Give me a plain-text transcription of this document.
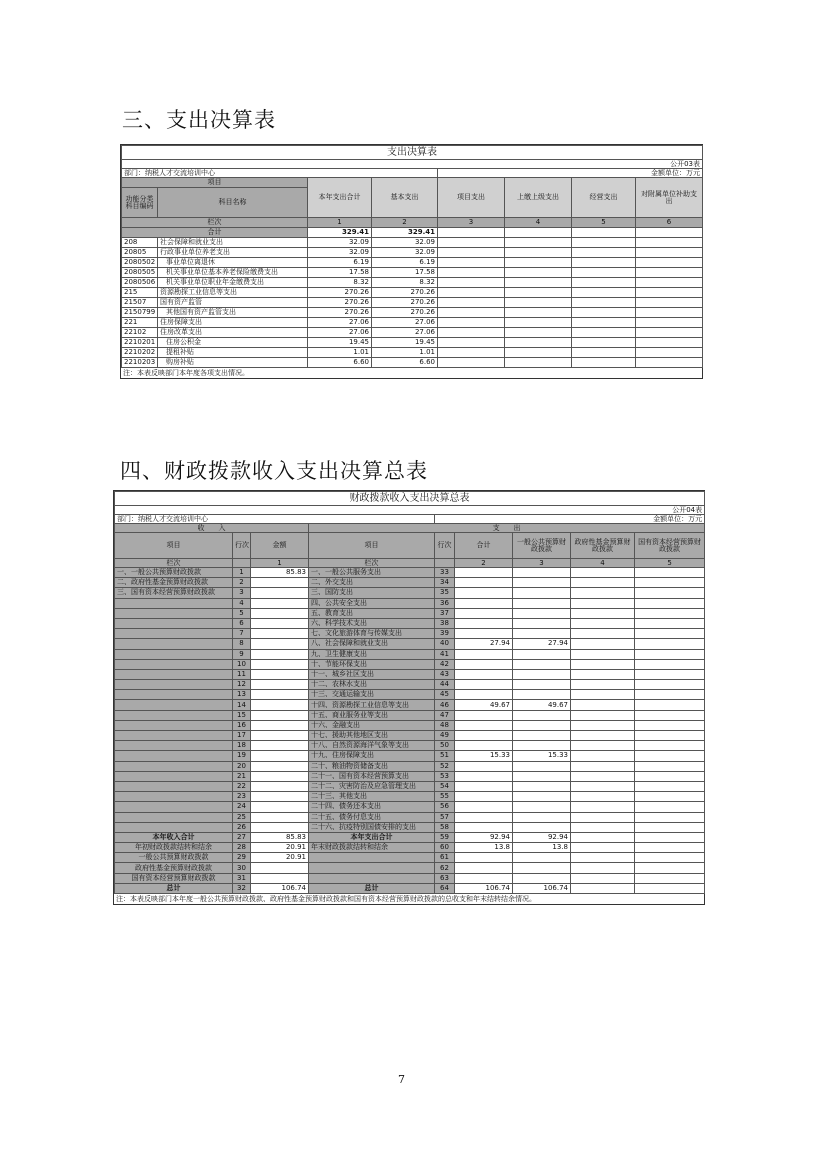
三、支出决算表
支出决算表							
公开03表							
部门：纳税人才交流培训中心				金额单位：万元			
项目		本年支出合计	基本支出	项目支出	上缴上级支出	经营支出	对附属单位补助支出
功能分类科目编码	科目名称						
栏次		1	2	3	4	5	6
合计		329.41	329.41				
208	社会保障和就业支出	32.09	32.09				
20805	行政事业单位养老支出	32.09	32.09				
2080502	事业单位离退休	6.19	6.19				
2080505	机关事业单位基本养老保险缴费支出	17.58	17.58				
2080506	机关事业单位职业年金缴费支出	8.32	8.32				
215	资源勘探工业信息等支出	270.26	270.26				
21507	国有资产监管	270.26	270.26				
2150799	其他国有资产监管支出	270.26	270.26				
221	住房保障支出	27.06	27.06				
22102	住房改革支出	27.06	27.06				
2210201	住房公积金	19.45	19.45				
2210202	提租补贴	1.01	1.01				
2210203	购房补贴	6.60	6.60				
注：本表反映部门本年度各项支出情况。
四、财政拨款收入支出决算总表
财政拨款收入支出决算总表								
公开04表								
部门：纳税人才交流培训中心				金额单位：万元				
收　　入			支　　出					
项目	行次	金额	项目	行次	合计	一般公共预算财政拨款	政府性基金预算财政拨款	国有资本经营预算财政拨款
栏次		1	栏次		2	3	4	5
一、一般公共预算财政拨款	1	85.83	一、一般公共服务支出	33				
二、政府性基金预算财政拨款	2		二、外交支出	34				
三、国有资本经营预算财政拨款	3		三、国防支出	35				
	4		四、公共安全支出	36				
	5		五、教育支出	37				
	6		六、科学技术支出	38				
	7		七、文化旅游体育与传媒支出	39				
	8		八、社会保障和就业支出	40	27.94	27.94		
	9		九、卫生健康支出	41				
	10		十、节能环保支出	42				
	11		十一、城乡社区支出	43				
	12		十二、农林水支出	44				
	13		十三、交通运输支出	45				
	14		十四、资源勘探工业信息等支出	46	49.67	49.67		
	15		十五、商业服务业等支出	47				
	16		十六、金融支出	48				
	17		十七、援助其他地区支出	49				
	18		十八、自然资源海洋气象等支出	50				
	19		十九、住房保障支出	51	15.33	15.33		
	20		二十、粮油物资储备支出	52				
	21		二十一、国有资本经营预算支出	53				
	22		二十二、灾害防治及应急管理支出	54				
	23		二十三、其他支出	55				
	24		二十四、债务还本支出	56				
	25		二十五、债务付息支出	57				
	26		二十六、抗疫特别国债安排的支出	58				
本年收入合计	27	85.83	本年支出合计	59	92.94	92.94		
年初财政拨款结转和结余	28	20.91	年末财政拨款结转和结余	60	13.8	13.8		
一般公共预算财政拨款	29	20.91		61				
政府性基金预算财政拨款	30			62				
国有资本经营预算财政拨款	31			63				
总计	32	106.74	总计	64	106.74	106.74		
注：本表反映部门本年度一般公共预算财政拨款、政府性基金预算财政拨款和国有资本经营预算财政拨款的总收支和年末结转结余情况。
7
